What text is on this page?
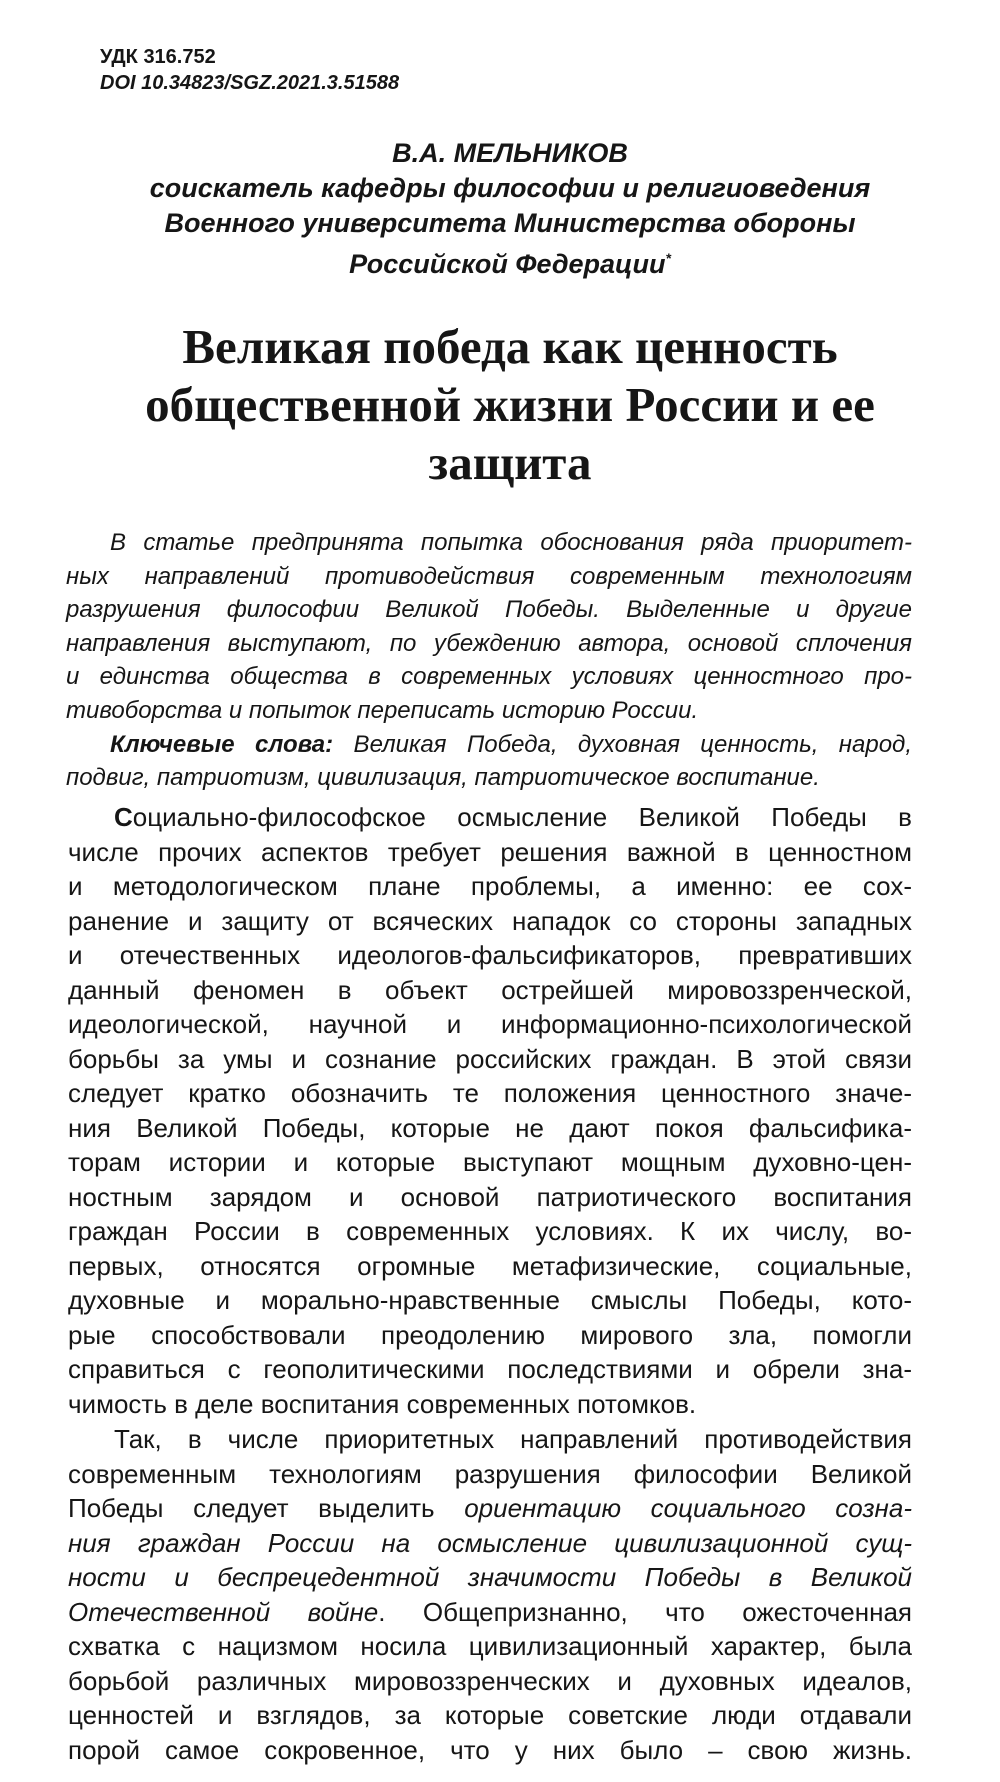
УДК 316.752
DOI 10.34823/SGZ.2021.3.51588
В.А. МЕЛЬНИКОВ
соискатель кафедры философии и религиоведения
Военного университета Министерства обороны
Российской Федерации*
Великая победа как ценность
общественной жизни России и ее
защита
В статье предпринята попытка обоснования ряда приоритет-
ных направлений противодействия современным технологиям
разрушения философии Великой Победы. Выделенные и другие
направления выступают, по убеждению автора, основой сплочения
и единства общества в современных условиях ценностного про-
тивоборства и попыток переписать историю России.
Ключевые слова: Великая Победа, духовная ценность, народ,
подвиг, патриотизм, цивилизация, патриотическое воспитание.
Социально-философское осмысление Великой Победы в
числе прочих аспектов требует решения важной в ценностном
и методологическом плане проблемы, а именно: ее сох-
ранение и защиту от всяческих нападок со стороны западных
и отечественных идеологов-фальсификаторов, превративших
данный феномен в объект острейшей мировоззренческой,
идеологической, научной и информационно-психологической
борьбы за умы и сознание российских граждан. В этой связи
следует кратко обозначить те положения ценностного значе-
ния Великой Победы, которые не дают покоя фальсифика-
торам истории и которые выступают мощным духовно-цен-
ностным зарядом и основой патриотического воспитания
граждан России в современных условиях. К их числу, во-
первых, относятся огромные метафизические, социальные,
духовные и морально-нравственные смыслы Победы, кото-
рые способствовали преодолению мирового зла, помогли
справиться с геополитическими последствиями и обрели зна-
чимость в деле воспитания современных потомков.
Так, в числе приоритетных направлений противодействия
современным технологиям разрушения философии Великой
Победы следует выделить ориентацию социального созна-
ния граждан России на осмысление цивилизационной сущ-
ности и беспрецедентной значимости Победы в Великой
Отечественной войне. Общепризнанно, что ожесточенная
схватка с нацизмом носила цивилизационный характер, была
борьбой различных мировоззренческих и духовных идеалов,
ценностей и взглядов, за которые советские люди отдавали
порой самое сокровенное, что у них было – свою жизнь.
